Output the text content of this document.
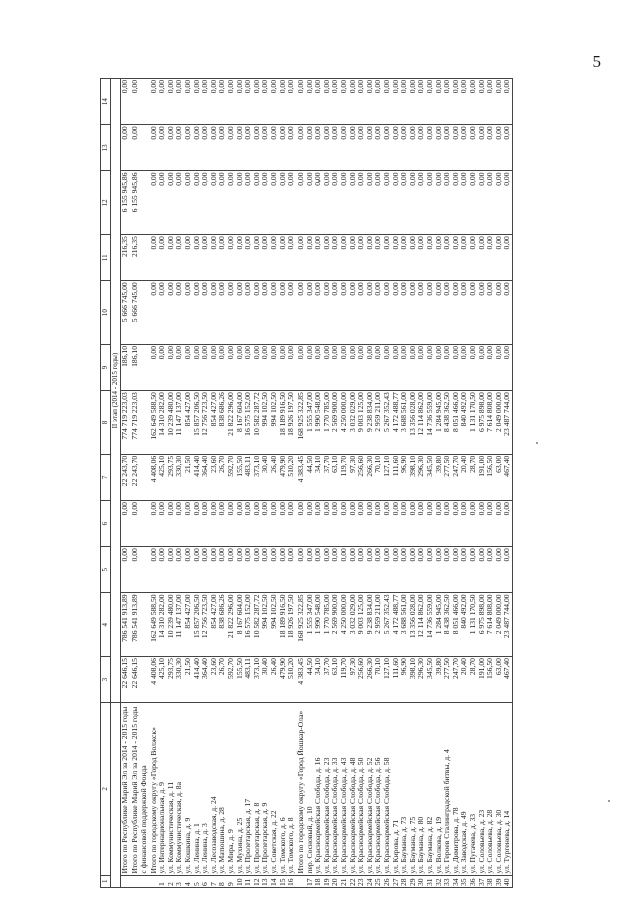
5
1	2	3	4	5	6	7	8	9	10	11	12	13	14
		II этап (2014 - 2015 годы)											
	Итого по Республике Марий Эл за 2014 - 2015 годы	22 646,15	786 541 913,89	0,00	0,00	22 243,70	774 719 223,03	186,10	5 666 745,00	216,35	6 155 945,86	0,00	0,00
	Итого по Республике Марий Эл за 2014 - 2015 годы	22 646,15	786 541 913,89	0,00	0,00	22 243,70	774 719 223,03	186,10	5 666 745,00	216,35	6 155 945,86	0,00	0,00
	с финансовой поддержкой Фонда												
	Итого по городскому округу «Город Волжск»	4 408,06	162 649 588,50	0,00	0,00	4 408,06	162 649 588,50	0,00	0,00	0,00	0,00	0,00	0,00
1	ул. Интернациональная, д. 9	425,10	14 310 282,00	0,00	0,00	425,10	14 310 282,00	0,00	0,00	0,00	0,00	0,00	0,00
2	ул. Коммунистическая, д. 11	293,75	10 239 480,00	0,00	0,00	293,75	10 239 480,00	0,00	0,00	0,00	0,00	0,00	0,00
3	ул. Коммунистическая, д. 8а	330,30	11 147 137,00	0,00	0,00	330,30	11 147 137,00	0,00	0,00	0,00	0,00	0,00	0,00
4	ул. Кошкина, д. 9	21,50	854 427,00	0,00	0,00	21,50	854 427,00	0,00	0,00	0,00	0,00	0,00	0,00
5	ул. Ленина, д. 1	414,40	15 857 206,50	0,00	0,00	414,40	15 857 206,50	0,00	0,00	0,00	0,00	0,00	0,00
6	ул. Ленина, д. 3	364,40	12 756 723,50	0,00	0,00	364,40	12 756 723,50	0,00	0,00	0,00	0,00	0,00	0,00
7	ул. Лесозаводская, д. 24	23,60	854 427,00	0,00	0,00	23,60	854 427,00	0,00	0,00	0,00	0,00	0,00	0,00
8	ул. Матюшина, д. 28	26,70	838 686,26	0,00	0,00	26,70	838 686,26	0,00	0,00	0,00	0,00	0,00	0,00
9	ул. Мира, д. 9	592,70	21 822 296,00	0,00	0,00	592,70	21 822 296,00	0,00	0,00	0,00	0,00	0,00	0,00
10	ул. Мухина, д. 25	155,50	8 167 604,00	0,00	0,00	155,50	8 167 604,00	0,00	0,00	0,00	0,00	0,00	0,00
11	ул. Пролетарская, д. 17	483,11	16 575 152,00	0,00	0,00	483,11	16 575 152,00	0,00	0,00	0,00	0,00	0,00	0,00
12	ул. Пролетарская, д. 8	373,10	10 582 287,72	0,00	0,00	373,10	10 582 287,72	0,00	0,00	0,00	0,00	0,00	0,00
13	ул. Пролетарская, д. 9	30,40	994 102,50	0,00	0,00	30,40	994 102,50	0,00	0,00	0,00	0,00	0,00	0,00
14	ул. Советская, д. 22	26,40	994 102,50	0,00	0,00	26,40	994 102,50	0,00	0,00	0,00	0,00	0,00	0,00
15	ул. Томского, д. 6	479,90	18 189 916,50	0,00	0,00	479,90	18 189 916,50	0,00	0,00	0,00	0,00	0,00	0,00
16	ул. Томского, д. 8	510,20	18 926 197,50	0,00	0,00	510,20	18 926 197,50	0,00	0,00	0,00	0,00	0,00	0,00
	Итого по городскому округу «Город Йошкар-Ола»	4 383,45	168 925 322,85	0,00	0,00	4 383,45	168 925 322,85	0,00	0,00	0,00	0,00	0,00	0,00
17	пер. Сосновый, д. 10	44,50	1 555 347,00	0,00	0,00	44,50	1 555 347,00	0,00	0,00	0,00	0,00	0,00	0,00
18	ул. Красноармейская Слобода, д. 16	34,10	1 990 548,00	0,00	0,00	34,10	1 990 548,00	0,00	0,00	0,00	0,00	0,00	0,00
19	ул. Красноармейская Слобода, д. 23	37,70	1 770 785,00	0,00	0,00	37,70	1 770 785,00	0,00	0,00	0,00	0,00	0,00	0,00
20	ул. Красноармейская Слобода, д. 33	63,10	2 569 900,00	0,00	0,00	63,10	2 569 900,00	0,00	0,00	0,00	0,00	0,00	0,00
21	ул. Красноармейская Слобода, д. 43	119,70	4 250 000,00	0,00	0,00	119,70	4 250 000,00	0,00	0,00	0,00	0,00	0,00	0,00
22	ул. Красноармейская Слобода, д. 48	97,30	3 032 029,00	0,00	0,00	97,30	3 032 029,00	0,00	0,00	0,00	0,00	0,00	0,00
23	ул. Красноармейская Слобода, д. 50	256,60	9 003 125,00	0,00	0,00	256,60	9 003 125,00	0,00	0,00	0,00	0,00	0,00	0,00
24	ул. Красноармейская Слобода, д. 52	266,30	9 238 834,00	0,00	0,00	266,30	9 238 834,00	0,00	0,00	0,00	0,00	0,00	0,00
25	ул. Красноармейская Слобода, д. 56	70,10	2 959 211,00	0,00	0,00	70,10	2 959 211,00	0,00	0,00	0,00	0,00	0,00	0,00
26	ул. Красноармейская Слобода, д. 58	127,10	5 267 352,43	0,00	0,00	127,10	5 267 352,43	0,00	0,00	0,00	0,00	0,00	0,00
27	ул. Кирова, д. 71	111,60	4 172 488,77	0,00	0,00	111,60	4 172 488,77	0,00	0,00	0,00	0,00	0,00	0,00
28	ул. Баумана, д. 73	96,90	3 688 561,00	0,00	0,00	96,90	3 688 561,00	0,00	0,00	0,00	0,00	0,00	0,00
29	ул. Баумана, д. 75	398,10	13 356 028,00	0,00	0,00	398,10	13 356 028,00	0,00	0,00	0,00	0,00	0,00	0,00
30	ул. Баумана, д. 80	296,30	12 114 862,00	0,00	0,00	296,30	12 114 862,00	0,00	0,00	0,00	0,00	0,00	0,00
31	ул. Баумана, д. 82	345,50	14 736 559,00	0,00	0,00	345,50	14 736 559,00	0,00	0,00	0,00	0,00	0,00	0,00
32	ул. Волкова, д. 19	39,80	1 284 945,00	0,00	0,00	39,80	1 284 945,00	0,00	0,00	0,00	0,00	0,00	0,00
33	ул. Героев Сталинградской битвы, д. 4	277,50	8 438 362,50	0,00	0,00	277,50	8 438 362,50	0,00	0,00	0,00	0,00	0,00	0,00
34	ул. Димитрова, д. 78	247,70	8 051 466,00	0,00	0,00	247,70	8 051 466,00	0,00	0,00	0,00	0,00	0,00	0,00
35	ул. Заводская, д. 49	20,40	840 492,00	0,00	0,00	20,40	840 492,00	0,00	0,00	0,00	0,00	0,00	0,00
36	ул. Пугачева, д. 33	28,70	1 131 170,50	0,00	0,00	28,70	1 131 170,50	0,00	0,00	0,00	0,00	0,00	0,00
37	ул. Соловьева, д. 23	191,00	6 975 898,00	0,00	0,00	191,00	6 975 898,00	0,00	0,00	0,00	0,00	0,00	0,00
38	ул. Соловьева, д. 28	156,50	7 614 808,00	0,00	0,00	156,50	7 614 808,00	0,00	0,00	0,00	0,00	0,00	0,00
39	ул. Соловьева, д. 30	63,00	2 049 000,00	0,00	0,00	63,00	2 049 000,00	0,00	0,00	0,00	0,00	0,00	0,00
40	ул. Тургенева, д. 14	467,40	23 487 744,00	0,00	0,00	467,40	23 487 744,00	0,00	0,00	0,00	0,00	0,00	0,00
